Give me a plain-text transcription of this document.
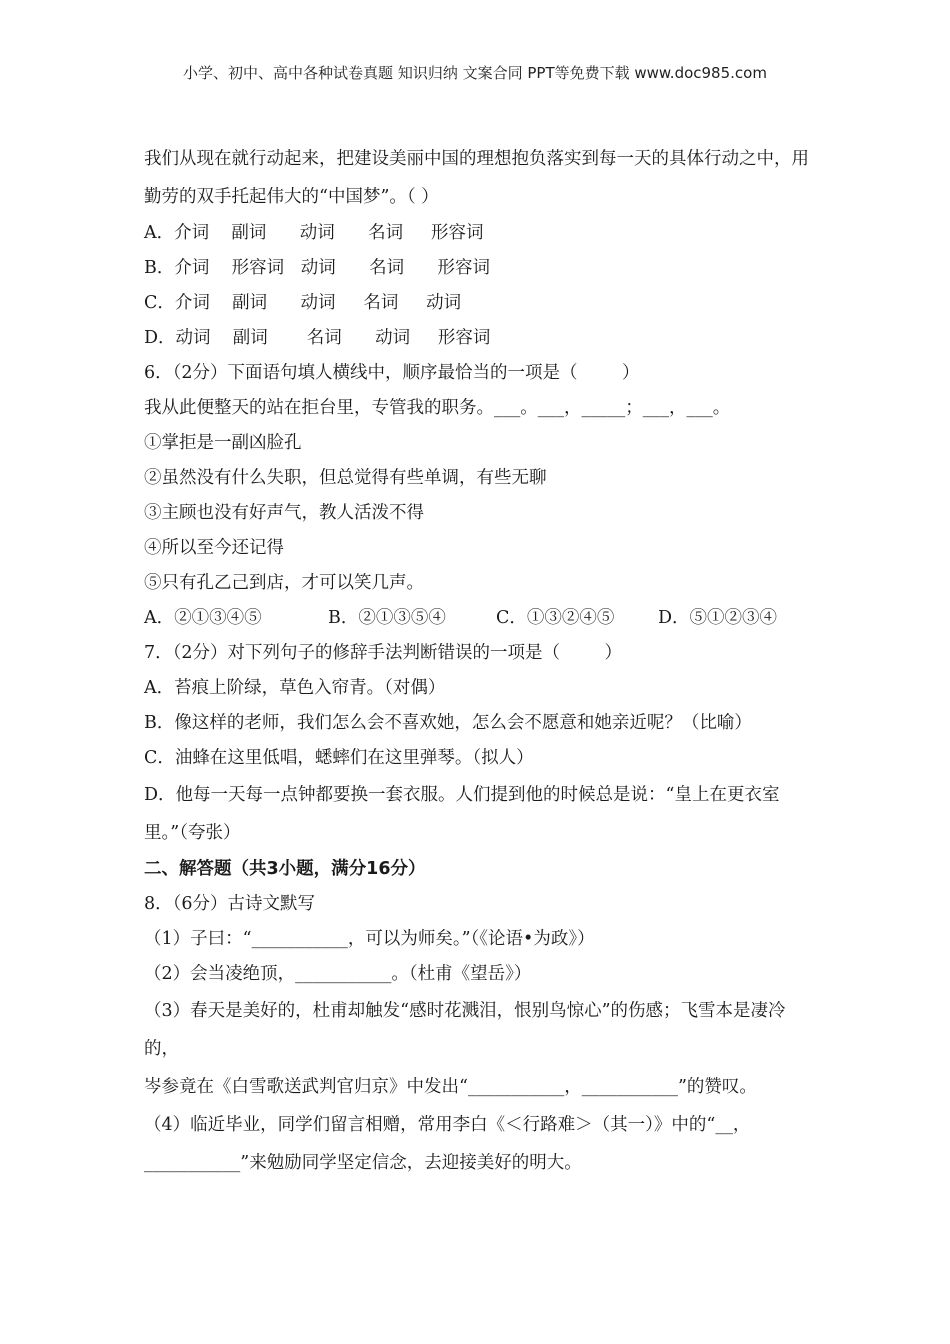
小学、初中、高中各种试卷真题 知识归纳 文案合同 PPT等免费下载 www.doc985.com
我们从现在就行动起来，把建设美丽中国的理想抱负落实到每一天的具体行动之中，用勤劳的双手托起伟大的“中国梦”。（ ）
A．介词    副词      动词      名词     形容词
B．介词    形容词   动词      名词      形容词
C．介词    副词      动词     名词     动词
D．动词    副词       名词      动词     形容词
6．（2分）下面语句填人横线中，顺序最恰当的一项是（        ）
我从此便整天的站在拒台里，专管我的职务。___。___，_____；___，___。
①掌拒是一副凶脸孔
②虽然没有什么失职，但总觉得有些单调，有些无聊
③主顾也没有好声气，教人活泼不得
④所以至今还记得
⑤只有孔乙己到店，才可以笑几声。
A．②①③④⑤	B．②①③⑤④	C．①③②④⑤	D．⑤①②③④
7．（2分）对下列句子的修辞手法判断错误的一项是（        ）
A．苔痕上阶绿，草色入帘青。（对偶）
B．像这样的老师，我们怎么会不喜欢她，怎么会不愿意和她亲近呢？（比喻）
C．油蜂在这里低唱，蟋蟀们在这里弹琴。（拟人）
D．他每一天每一点钟都要换一套衣服。人们提到他的时候总是说：“皇上在更衣室里。”（夸张）
二、解答题（共3小题，满分16分）
8．（6分）古诗文默写
（1）子曰：“___________，可以为师矣。”（《论语•为政》）
（2）会当凌绝顶，___________。（杜甫《望岳》）
（3）春天是美好的，杜甫却触发“感时花溅泪，恨别鸟惊心”的伤感；飞雪本是凄冷的，
岑参竟在《白雪歌送武判官归京》中发出“___________，___________”的赞叹。
（4）临近毕业，同学们留言相赠，常用李白《＜行路难＞（其一）》中的“__，___________”来勉励同学坚定信念，去迎接美好的明大。
